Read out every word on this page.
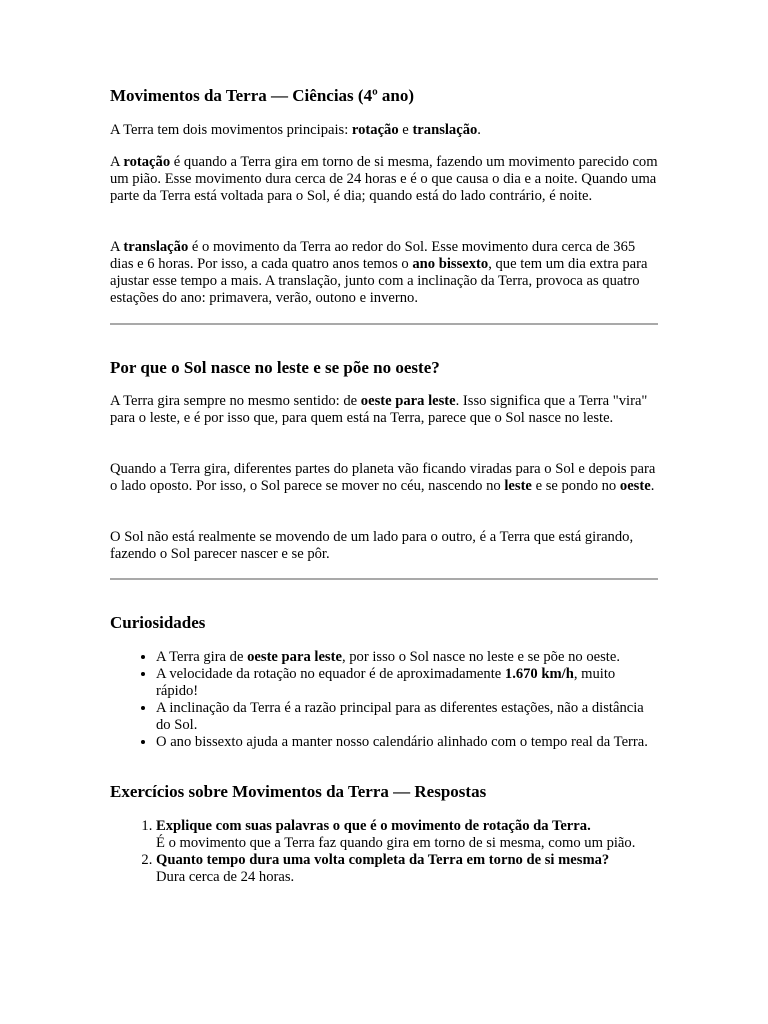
Movimentos da Terra — Ciências (4º ano)

A Terra tem dois movimentos principais: rotação e translação.

A rotação é quando a Terra gira em torno de si mesma, fazendo um movimento parecido com um pião. Esse movimento dura cerca de 24 horas e é o que causa o dia e a noite. Quando uma parte da Terra está voltada para o Sol, é dia; quando está do lado contrário, é noite.

A translação é o movimento da Terra ao redor do Sol. Esse movimento dura cerca de 365 dias e 6 horas. Por isso, a cada quatro anos temos o ano bissexto, que tem um dia extra para ajustar esse tempo a mais. A translação, junto com a inclinação da Terra, provoca as quatro estações do ano: primavera, verão, outono e inverno.

Por que o Sol nasce no leste e se põe no oeste?

A Terra gira sempre no mesmo sentido: de oeste para leste. Isso significa que a Terra "vira" para o leste, e é por isso que, para quem está na Terra, parece que o Sol nasce no leste.

Quando a Terra gira, diferentes partes do planeta vão ficando viradas para o Sol e depois para o lado oposto. Por isso, o Sol parece se mover no céu, nascendo no leste e se pondo no oeste.

O Sol não está realmente se movendo de um lado para o outro, é a Terra que está girando, fazendo o Sol parecer nascer e se pôr.

Curiosidades
• A Terra gira de oeste para leste, por isso o Sol nasce no leste e se põe no oeste.
• A velocidade da rotação no equador é de aproximadamente 1.670 km/h, muito rápido!
• A inclinação da Terra é a razão principal para as diferentes estações, não a distância do Sol.
• O ano bissexto ajuda a manter nosso calendário alinhado com o tempo real da Terra.
Exercícios sobre Movimentos da Terra — Respostas
1. Explique com suas palavras o que é o movimento de rotação da Terra.
É o movimento que a Terra faz quando gira em torno de si mesma, como um pião.
2. Quanto tempo dura uma volta completa da Terra em torno de si mesma?
Dura cerca de 24 horas.
